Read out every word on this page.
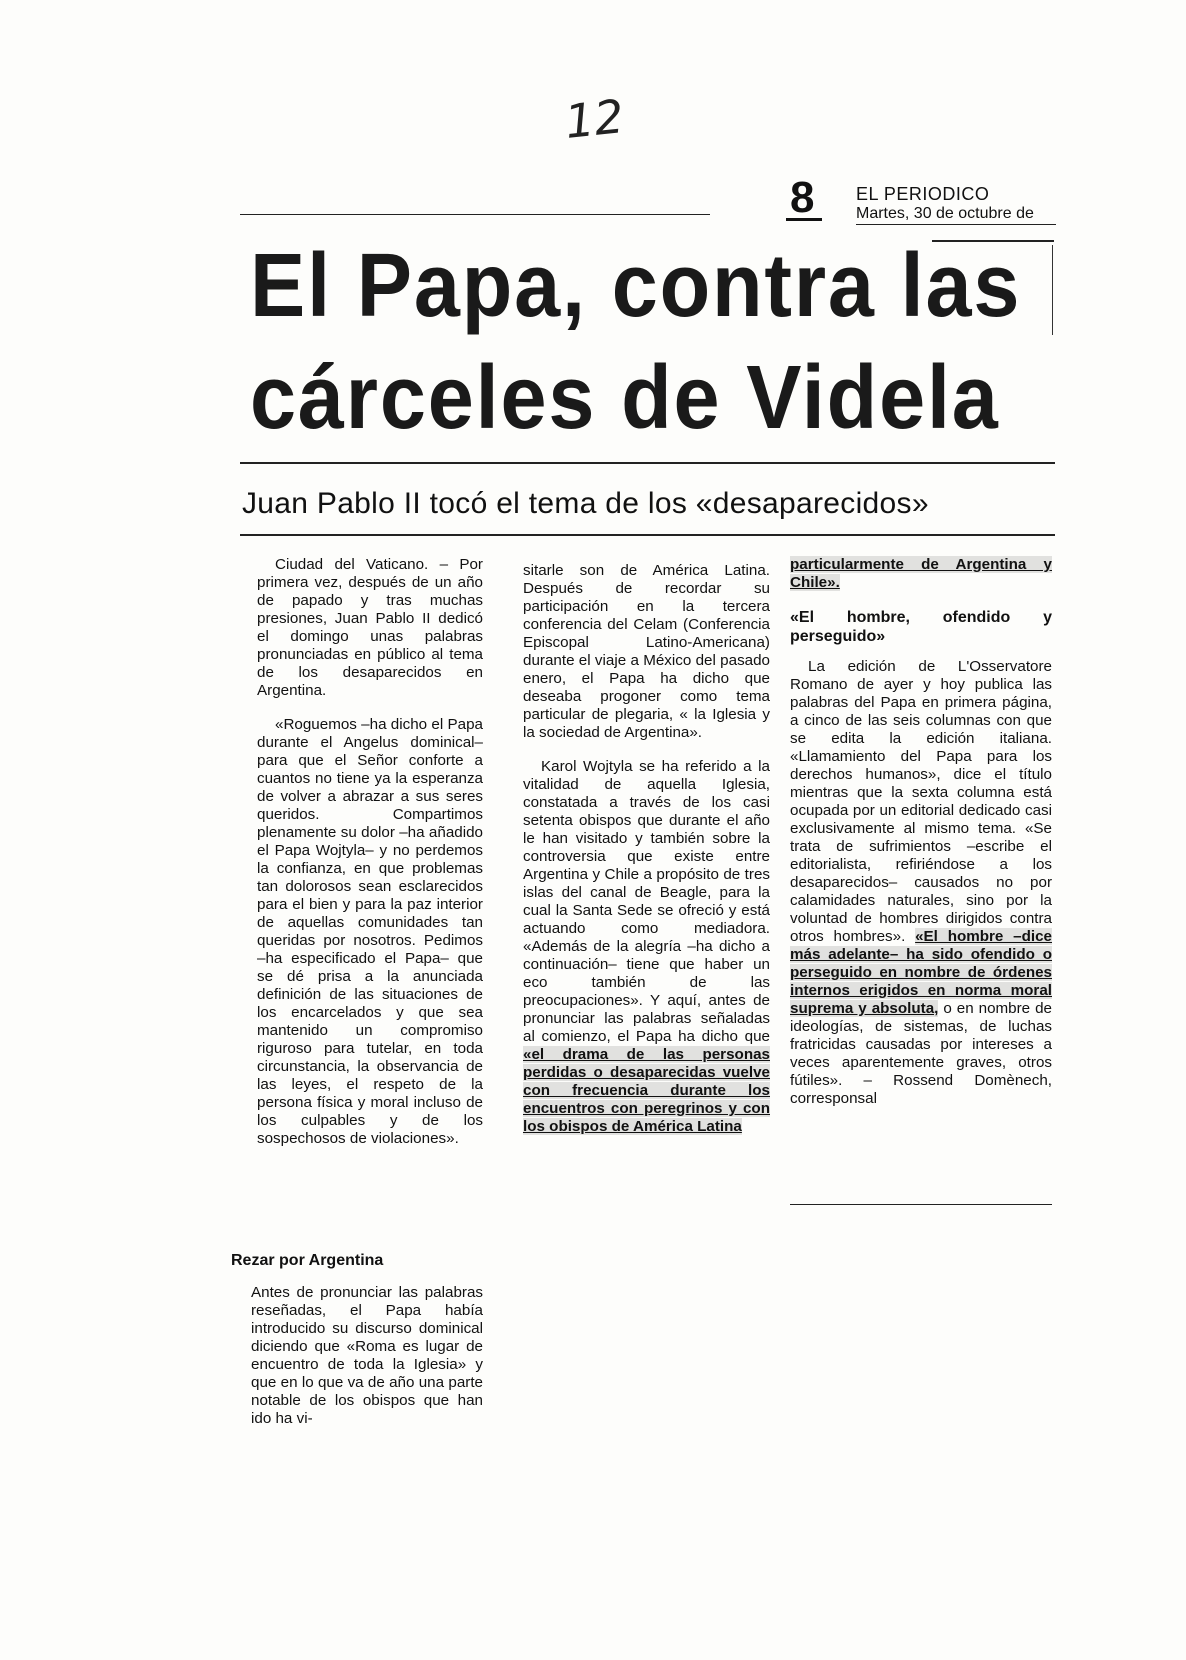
12
8 EL PERIODICO
Martes, 30 de octubre de
El Papa, contra las
cárceles de Videla
Juan Pablo II tocó el tema de los «desaparecidos»

Ciudad del Vaticano. – Por primera vez, después de un año de papado y tras muchas presiones, Juan Pablo II dedicó el domingo unas palabras pronunciadas en público al tema de los desaparecidos en Argentina.

«Roguemos –ha dicho el Papa durante el Angelus dominical– para que el Señor conforte a cuantos no tiene ya la esperanza de volver a abrazar a sus seres queridos. Compartimos plenamente su dolor –ha añadido el Papa Wojtyla– y no perdemos la confianza, en que problemas tan dolorosos sean esclarecidos para el bien y para la paz interior de aquellas comunidades tan queridas por nosotros. Pedimos –ha especificado el Papa– que se dé prisa a la anunciada definición de las situaciones de los encarcelados y que sea mantenido un compromiso riguroso para tutelar, en toda circunstancia, la observancia de las leyes, el respeto de la persona física y moral incluso de los culpables y de los sospechosos de violaciones».

Rezar por Argentina

Antes de pronunciar las palabras reseñadas, el Papa había introducido su discurso dominical diciendo que «Roma es lugar de encuentro de toda la Iglesia» y que en lo que va de año una parte notable de los obispos que han ido ha vi-

sitarle son de América Latina. Después de recordar su participación en la tercera conferencia del Celam (Conferencia Episcopal Latino-Americana) durante el viaje a México del pasado enero, el Papa ha dicho que deseaba progoner como tema particular de plegaria, « la Iglesia y la sociedad de Argentina».

Karol Wojtyla se ha referido a la vitalidad de aquella Iglesia, constatada a través de los casi setenta obispos que durante el año le han visitado y también sobre la controversia que existe entre Argentina y Chile a propósito de tres islas del canal de Beagle, para la cual la Santa Sede se ofreció y está actuando como mediadora. «Además de la alegría –ha dicho a continuación– tiene que haber un eco también de las preocupaciones». Y aquí, antes de pronunciar las palabras señaladas al comienzo, el Papa ha dicho que «el drama de las personas perdidas o desaparecidas vuelve con frecuencia durante los encuentros con peregrinos y con los obispos de América Latina

particularmente de Argentina y Chile».

«El hombre, ofendido y perseguido»

La edición de L'Osservatore Romano de ayer y hoy publica las palabras del Papa en primera página, a cinco de las seis columnas con que se edita la edición italiana. «Llamamiento del Papa para los derechos humanos», dice el título mientras que la sexta columna está ocupada por un editorial dedicado casi exclusivamente al mismo tema. «Se trata de sufrimientos –escribe el editorialista, refiriéndose a los desaparecidos– causados no por calamidades naturales, sino por la voluntad de hombres dirigidos contra otros hombres». «El hombre –dice más adelante– ha sido ofendido o perseguido en nombre de órdenes internos erigidos en norma moral suprema y absoluta, o en nombre de ideologías, de sistemas, de luchas fratricidas causadas por intereses a veces aparentemente graves, otros fútiles». – Rossend Domènech, corresponsal
